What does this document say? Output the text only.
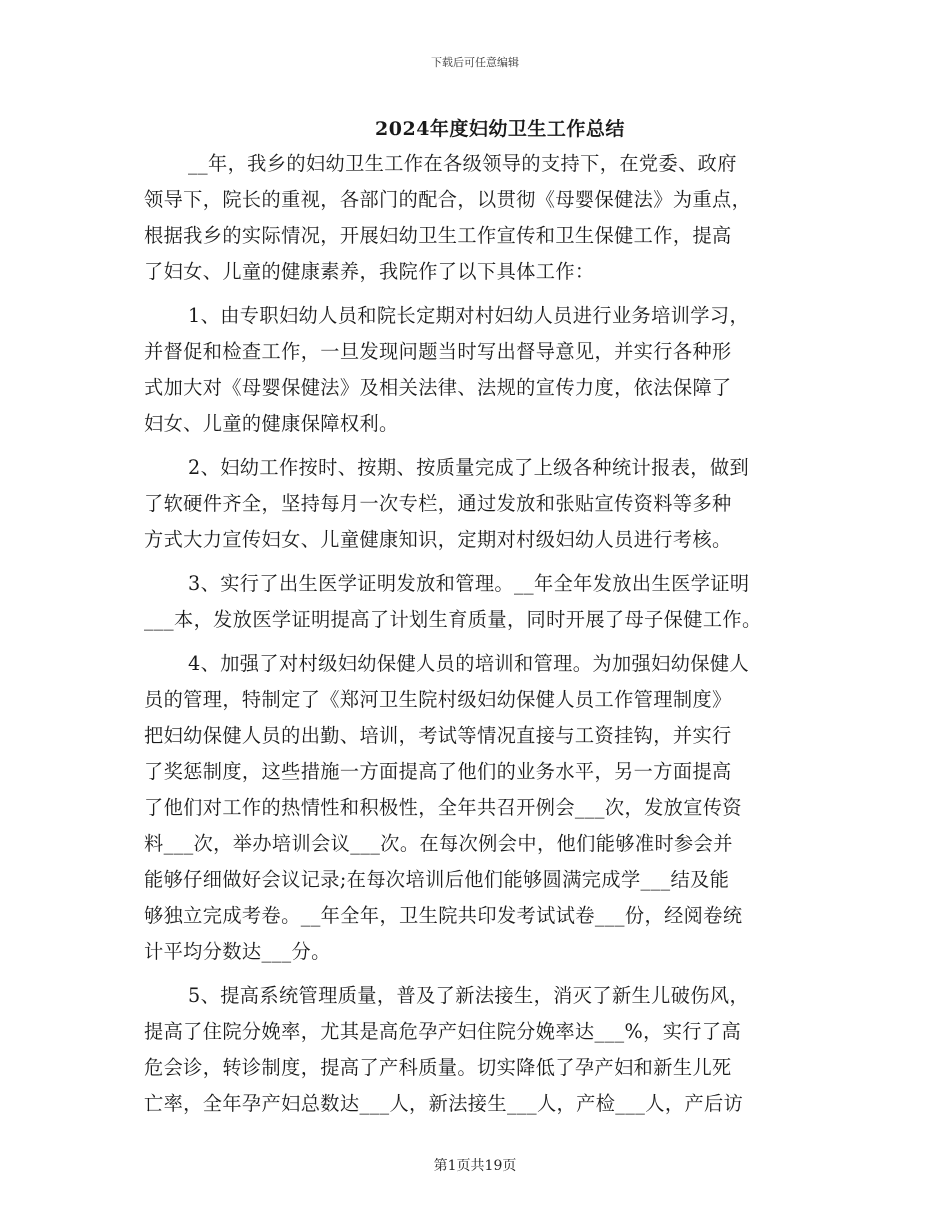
下载后可任意编辑
2024年度妇幼卫生工作总结
__年，我乡的妇幼卫生工作在各级领导的支持下，在党委、政府
领导下，院长的重视，各部门的配合，以贯彻《母婴保健法》为重点，
根据我乡的实际情况，开展妇幼卫生工作宣传和卫生保健工作，提高
了妇女、儿童的健康素养，我院作了以下具体工作：
1、由专职妇幼人员和院长定期对村妇幼人员进行业务培训学习，
并督促和检查工作，一旦发现问题当时写出督导意见，并实行各种形
式加大对《母婴保健法》及相关法律、法规的宣传力度，依法保障了
妇女、儿童的健康保障权利。
2、妇幼工作按时、按期、按质量完成了上级各种统计报表，做到
了软硬件齐全，坚持每月一次专栏，通过发放和张贴宣传资料等多种
方式大力宣传妇女、儿童健康知识，定期对村级妇幼人员进行考核。
3、实行了出生医学证明发放和管理。__年全年发放出生医学证明
___本，发放医学证明提高了计划生育质量，同时开展了母子保健工作。
4、加强了对村级妇幼保健人员的培训和管理。为加强妇幼保健人
员的管理，特制定了《郑河卫生院村级妇幼保健人员工作管理制度》
把妇幼保健人员的出勤、培训，考试等情况直接与工资挂钩，并实行
了奖惩制度，这些措施一方面提高了他们的业务水平，另一方面提高
了他们对工作的热情性和积极性，全年共召开例会___次，发放宣传资
料___次，举办培训会议___次。在每次例会中，他们能够准时参会并
能够仔细做好会议记录;在每次培训后他们能够圆满完成学___结及能
够独立完成考卷。__年全年，卫生院共印发考试试卷___份，经阅卷统
计平均分数达___分。
5、提高系统管理质量，普及了新法接生，消灭了新生儿破伤风，
提高了住院分娩率，尤其是高危孕产妇住院分娩率达___%，实行了高
危会诊，转诊制度，提高了产科质量。切实降低了孕产妇和新生儿死
亡率，全年孕产妇总数达___人，新法接生___人，产检___人，产后访
第1页共19页
